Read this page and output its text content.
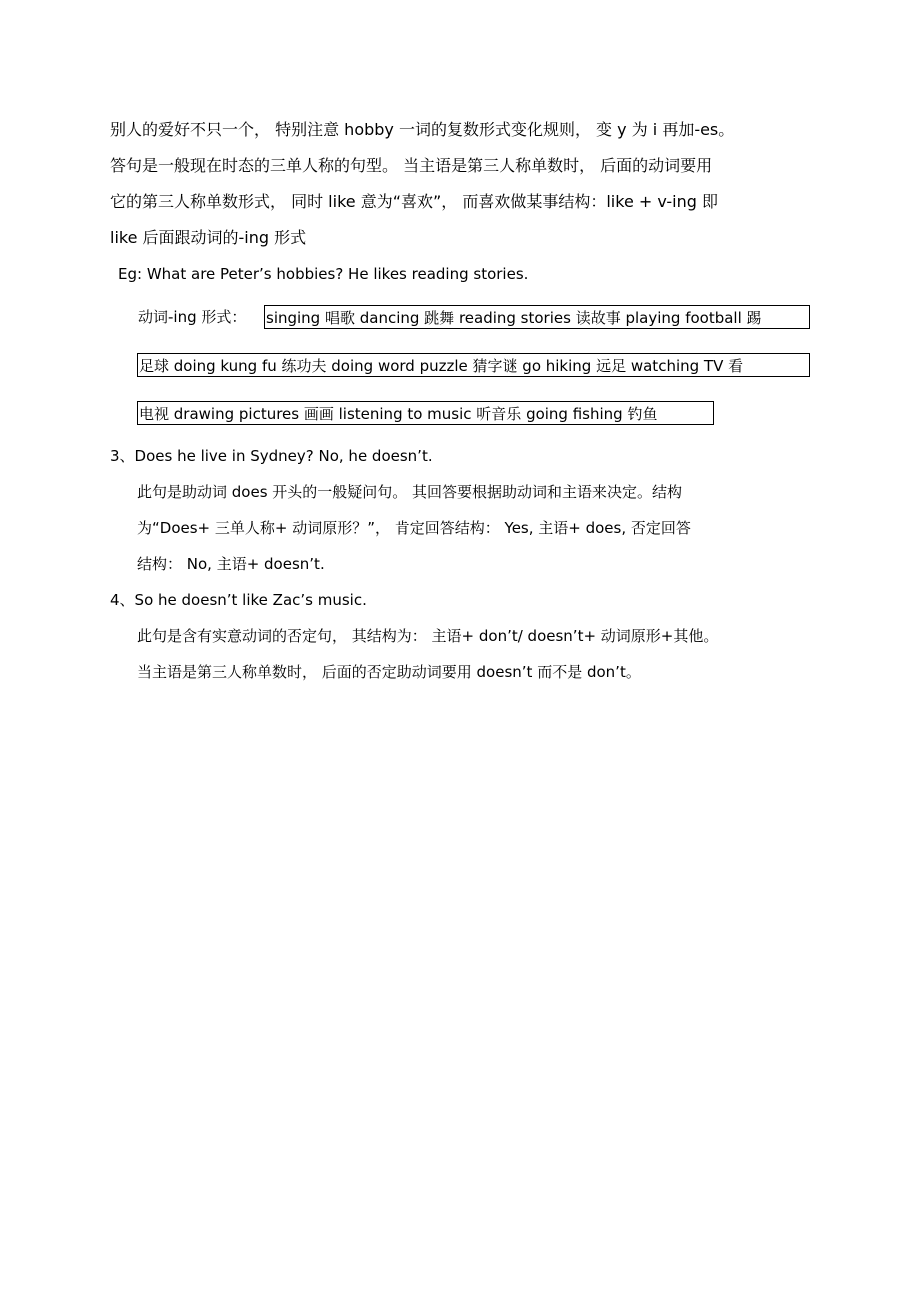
别人的爱好不只一个， 特别注意 hobby 一词的复数形式变化规则， 变 y 为 i 再加-es。
答句是一般现在时态的三单人称的句型。 当主语是第三人称单数时， 后面的动词要用
它的第三人称单数形式， 同时 like 意为“喜欢”， 而喜欢做某事结构：like + v-ing 即
like 后面跟动词的-ing 形式
Eg: What are Peter’s hobbies? He likes reading stories.
动词-ing 形式： singing 唱歌 dancing 跳舞 reading stories 读故事 playing football 踢
足球 doing kung fu 练功夫 doing word puzzle 猜字谜 go hiking 远足 watching TV 看
电视 drawing pictures 画画 listening to music 听音乐 going fishing 钓鱼
3、Does he live in Sydney? No, he doesn’t.
此句是助动词 does 开头的一般疑问句。 其回答要根据助动词和主语来决定。结构
为“Does+ 三单人称+ 动词原形？”， 肯定回答结构： Yes, 主语+ does, 否定回答
结构： No, 主语+ doesn’t.
4、So he doesn’t like Zac’s music.
此句是含有实意动词的否定句， 其结构为： 主语+ don’t/ doesn’t+ 动词原形+其他。
当主语是第三人称单数时， 后面的否定助动词要用 doesn’t 而不是 don’t。
